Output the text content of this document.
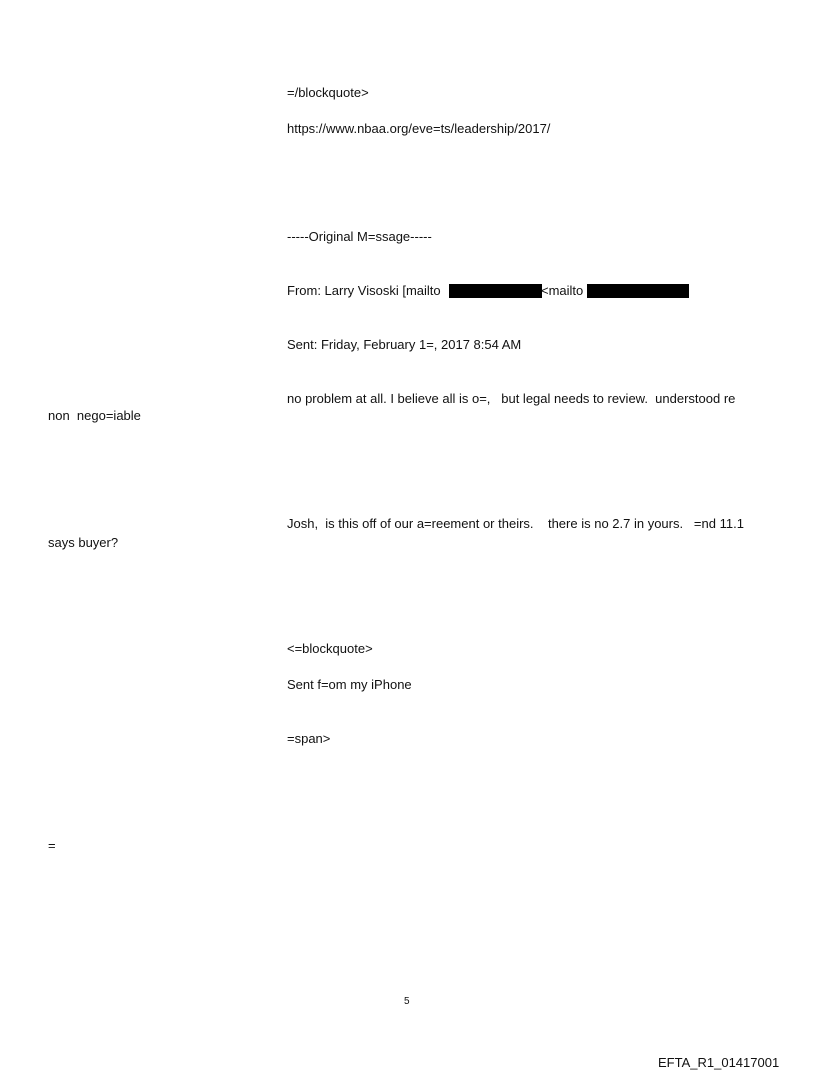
=/blockquote>
https://www.nbaa.org/eve=ts/leadership/2017/
-----Original M=ssage-----
From: Larry Visoski [mailto	<mailto
Sent: Friday, February 1=, 2017 8:54 AM
no problem at all. I believe all is o=,   but legal needs to review.  understood re
non  nego=iable
Josh,  is this off of our a=reement or theirs.    there is no 2.7 in yours.   =nd 11.1
says buyer?
<=blockquote>
Sent f=om my iPhone
=span>
=
5
EFTA_R1_01417001
